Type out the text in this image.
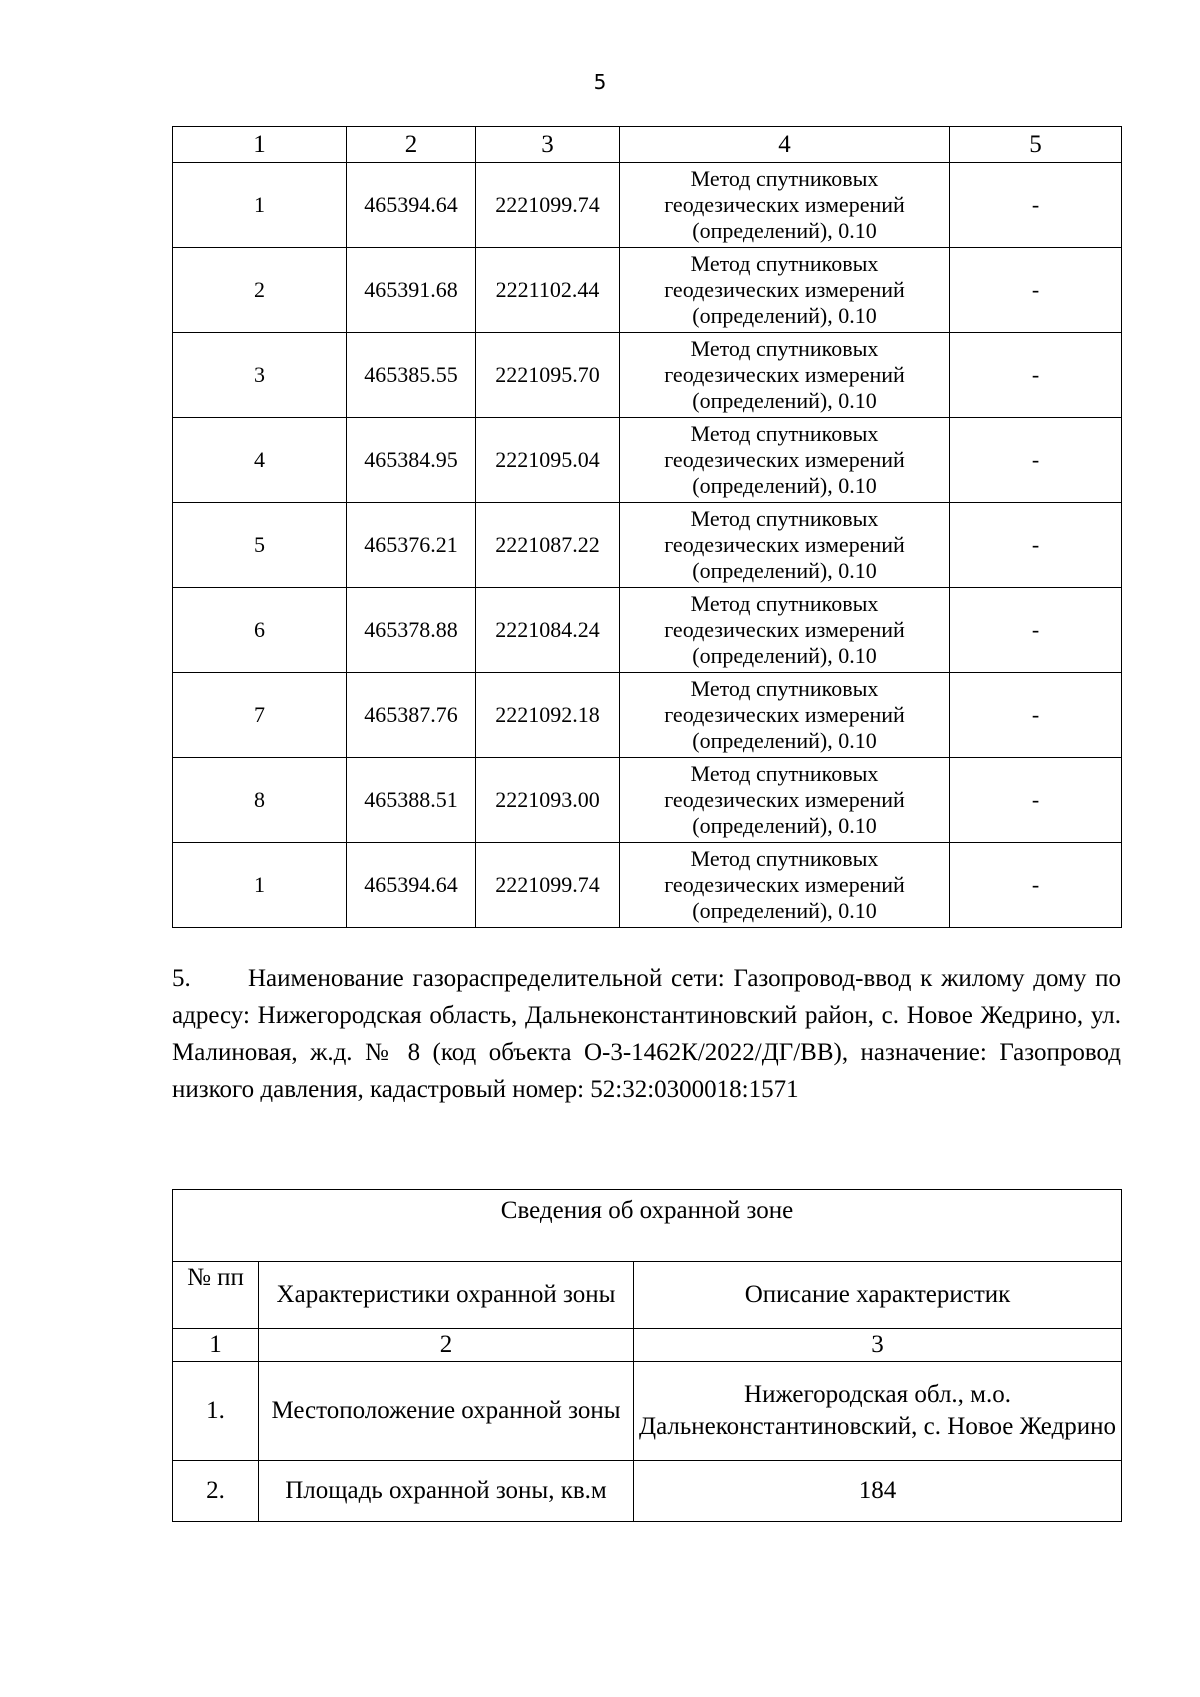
5
1	2	3	4	5
1	465394.64	2221099.74	Метод спутниковых
геодезических измерений
(определений), 0.10	-
2	465391.68	2221102.44	Метод спутниковых
геодезических измерений
(определений), 0.10	-
3	465385.55	2221095.70	Метод спутниковых
геодезических измерений
(определений), 0.10	-
4	465384.95	2221095.04	Метод спутниковых
геодезических измерений
(определений), 0.10	-
5	465376.21	2221087.22	Метод спутниковых
геодезических измерений
(определений), 0.10	-
6	465378.88	2221084.24	Метод спутниковых
геодезических измерений
(определений), 0.10	-
7	465387.76	2221092.18	Метод спутниковых
геодезических измерений
(определений), 0.10	-
8	465388.51	2221093.00	Метод спутниковых
геодезических измерений
(определений), 0.10	-
1	465394.64	2221099.74	Метод спутниковых
геодезических измерений
(определений), 0.10	-
5. Наименование газораспределительной сети: Газопровод-ввод к жилому дому по адресу: Нижегородская область, Дальнеконстантиновский район, с. Новое Жедрино, ул. Малиновая, ж.д. № 8 (код объекта О-3-1462К/2022/ДГ/ВВ), назначение: Газопровод низкого давления, кадастровый номер: 52:32:0300018:1571
Сведения об охранной зоне		
№ пп	Характеристики охранной зоны	Описание характеристик
1	2	3
1.	Местоположение охранной зоны	Нижегородская обл., м.о. Дальнеконстантиновский, с. Новое Жедрино
2.	Площадь охранной зоны, кв.м	184
